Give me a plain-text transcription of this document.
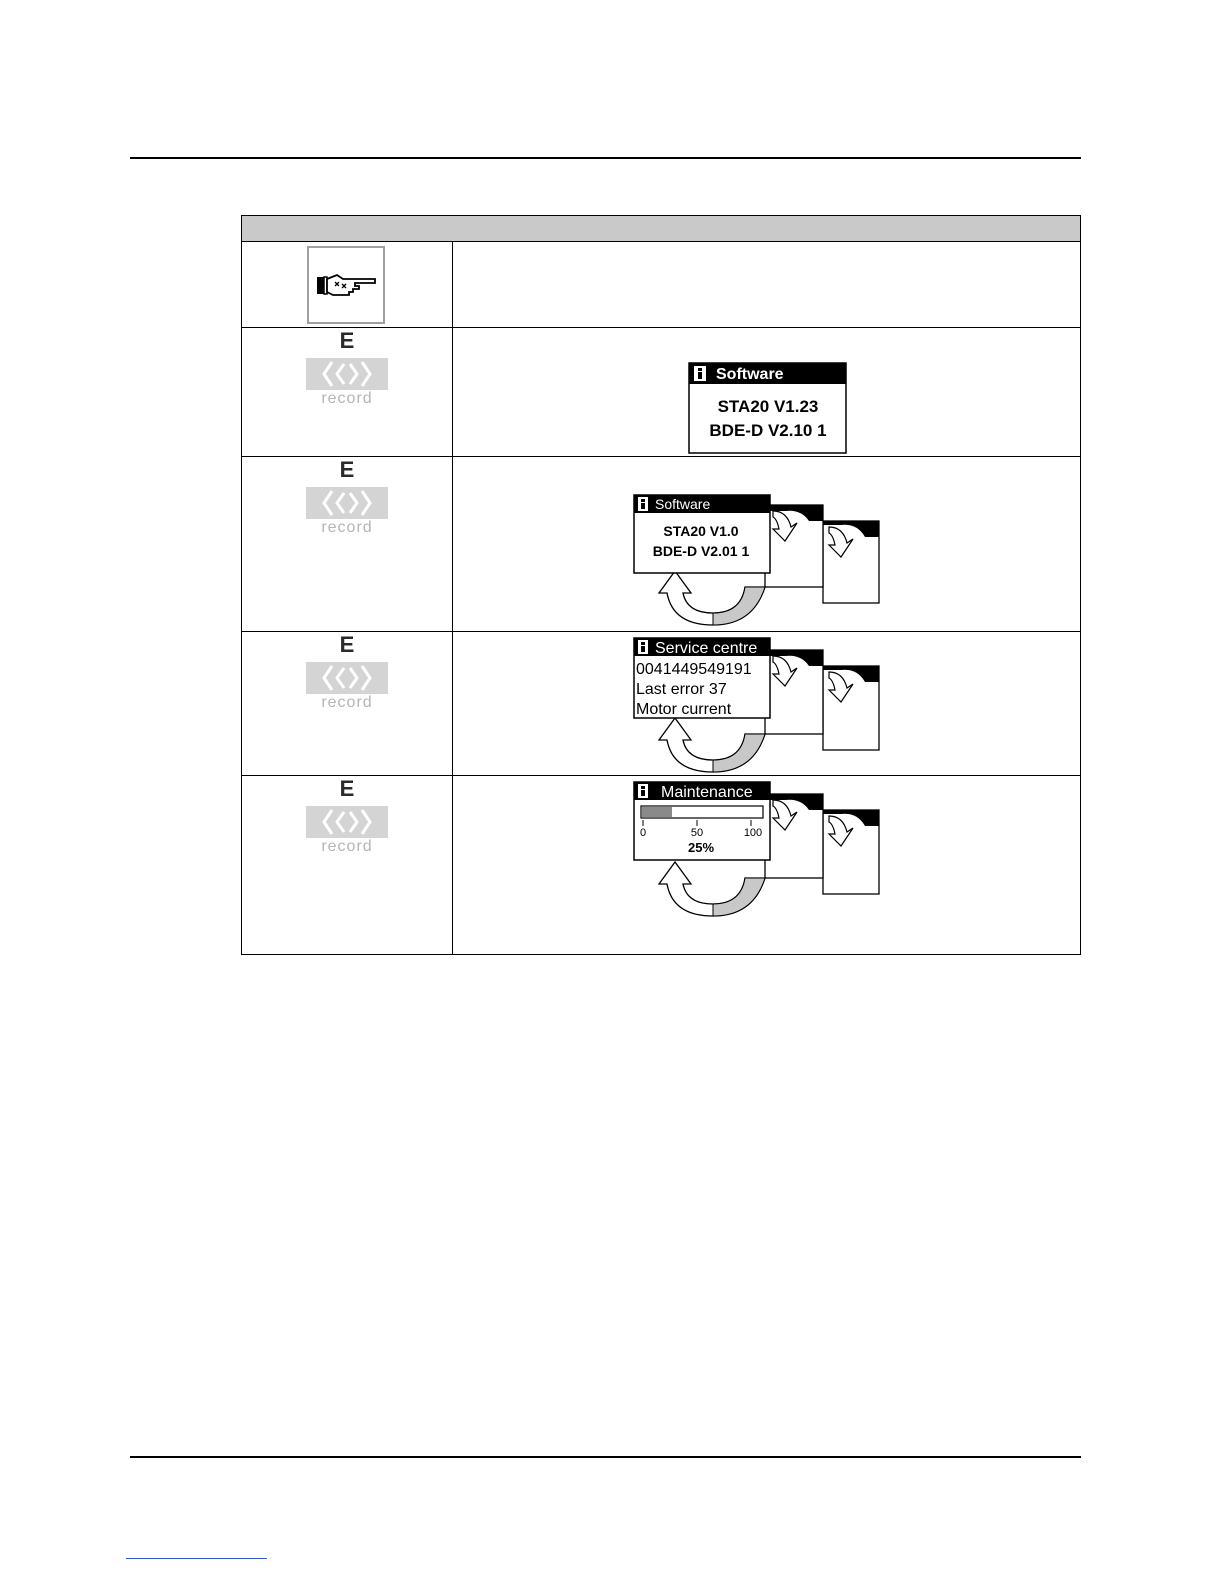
E
record
Software
STA20 V1.23
BDE-D V2.10 1
E
record
Software
STA20 V1.0
BDE-D V2.01 1
E
record
Service centre
0041449549191
Last error 37
Motor current
E
record
Maintenance
0	50	100
25%
